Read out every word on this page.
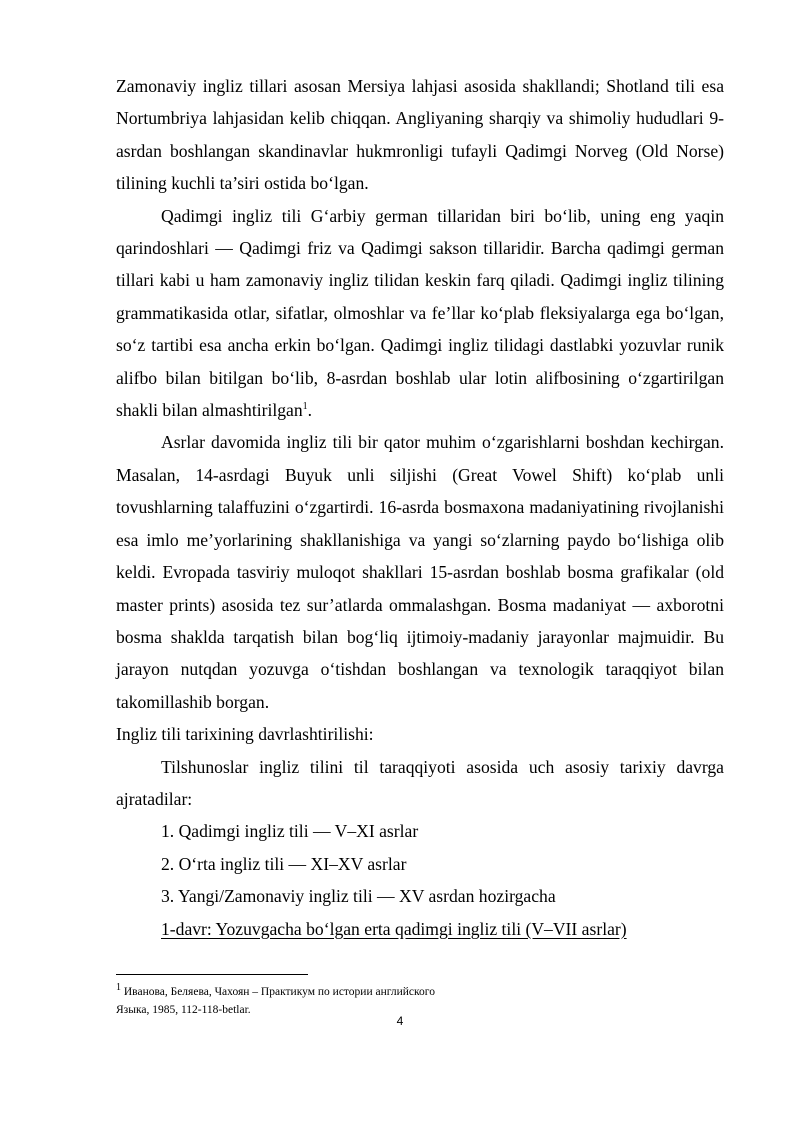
Zamonaviy ingliz tillari asosan Mersiya lahjasi asosida shakllandi; Shotland tili esa Nortumbriya lahjasidan kelib chiqqan. Angliyaning sharqiy va shimoliy hududlari 9-asrdan boshlangan skandinavlar hukmronligi tufayli Qadimgi Norveg (Old Norse) tilining kuchli ta’siri ostida bo‘lgan.

Qadimgi ingliz tili G‘arbiy german tillaridan biri bo‘lib, uning eng yaqin qarindoshlari — Qadimgi friz va Qadimgi sakson tillaridir. Barcha qadimgi german tillari kabi u ham zamonaviy ingliz tilidan keskin farq qiladi. Qadimgi ingliz tilining grammatikasida otlar, sifatlar, olmoshlar va fe’llar ko‘plab fleksiyalarga ega bo‘lgan, so‘z tartibi esa ancha erkin bo‘lgan. Qadimgi ingliz tilidagi dastlabki yozuvlar runik alifbo bilan bitilgan bo‘lib, 8-asrdan boshlab ular lotin alifbosining o‘zgartirilgan shakli bilan almashtirilgan$^1$.

Asrlar davomida ingliz tili bir qator muhim o‘zgarishlarni boshdan kechirgan. Masalan, 14-asrdagi Buyuk unli siljishi (Great Vowel Shift) ko‘plab unli tovushlarning talaffuzini o‘zgartirdi. 16-asrda bosmaxona madaniyatining rivojlanishi esa imlo me’yorlarining shakllanishiga va yangi so‘zlarning paydo bo‘lishiga olib keldi. Evropada tasviriy muloqot shakllari 15-asrdan boshlab bosma grafikalar (old master prints) asosida tez sur’atlarda ommalashgan. Bosma madaniyat — axborotni bosma shaklda tarqatish bilan bog‘liq ijtimoiy-madaniy jarayonlar majmuidir. Bu jarayon nutqdan yozuvga o‘tishdan boshlangan va texnologik taraqqiyot bilan takomillashib borgan.

Ingliz tili tarixining davrlashtirilishi:

Tilshunoslar ingliz tilini til taraqqiyoti asosida uch asosiy tarixiy davrga ajratadilar:

1. Qadimgi ingliz tili — V–XI asrlar

2. O‘rta ingliz tili — XI–XV asrlar

3. Yangi/Zamonaviy ingliz tili — XV asrdan hozirgacha

1-davr: Yozuvgacha bo‘lgan erta qadimgi ingliz tili (V–VII asrlar)

$^1$ Иванова, Беляева, Чахоян – Практикум по истории английского
Языка, 1985, 112-118-betlar.

4
